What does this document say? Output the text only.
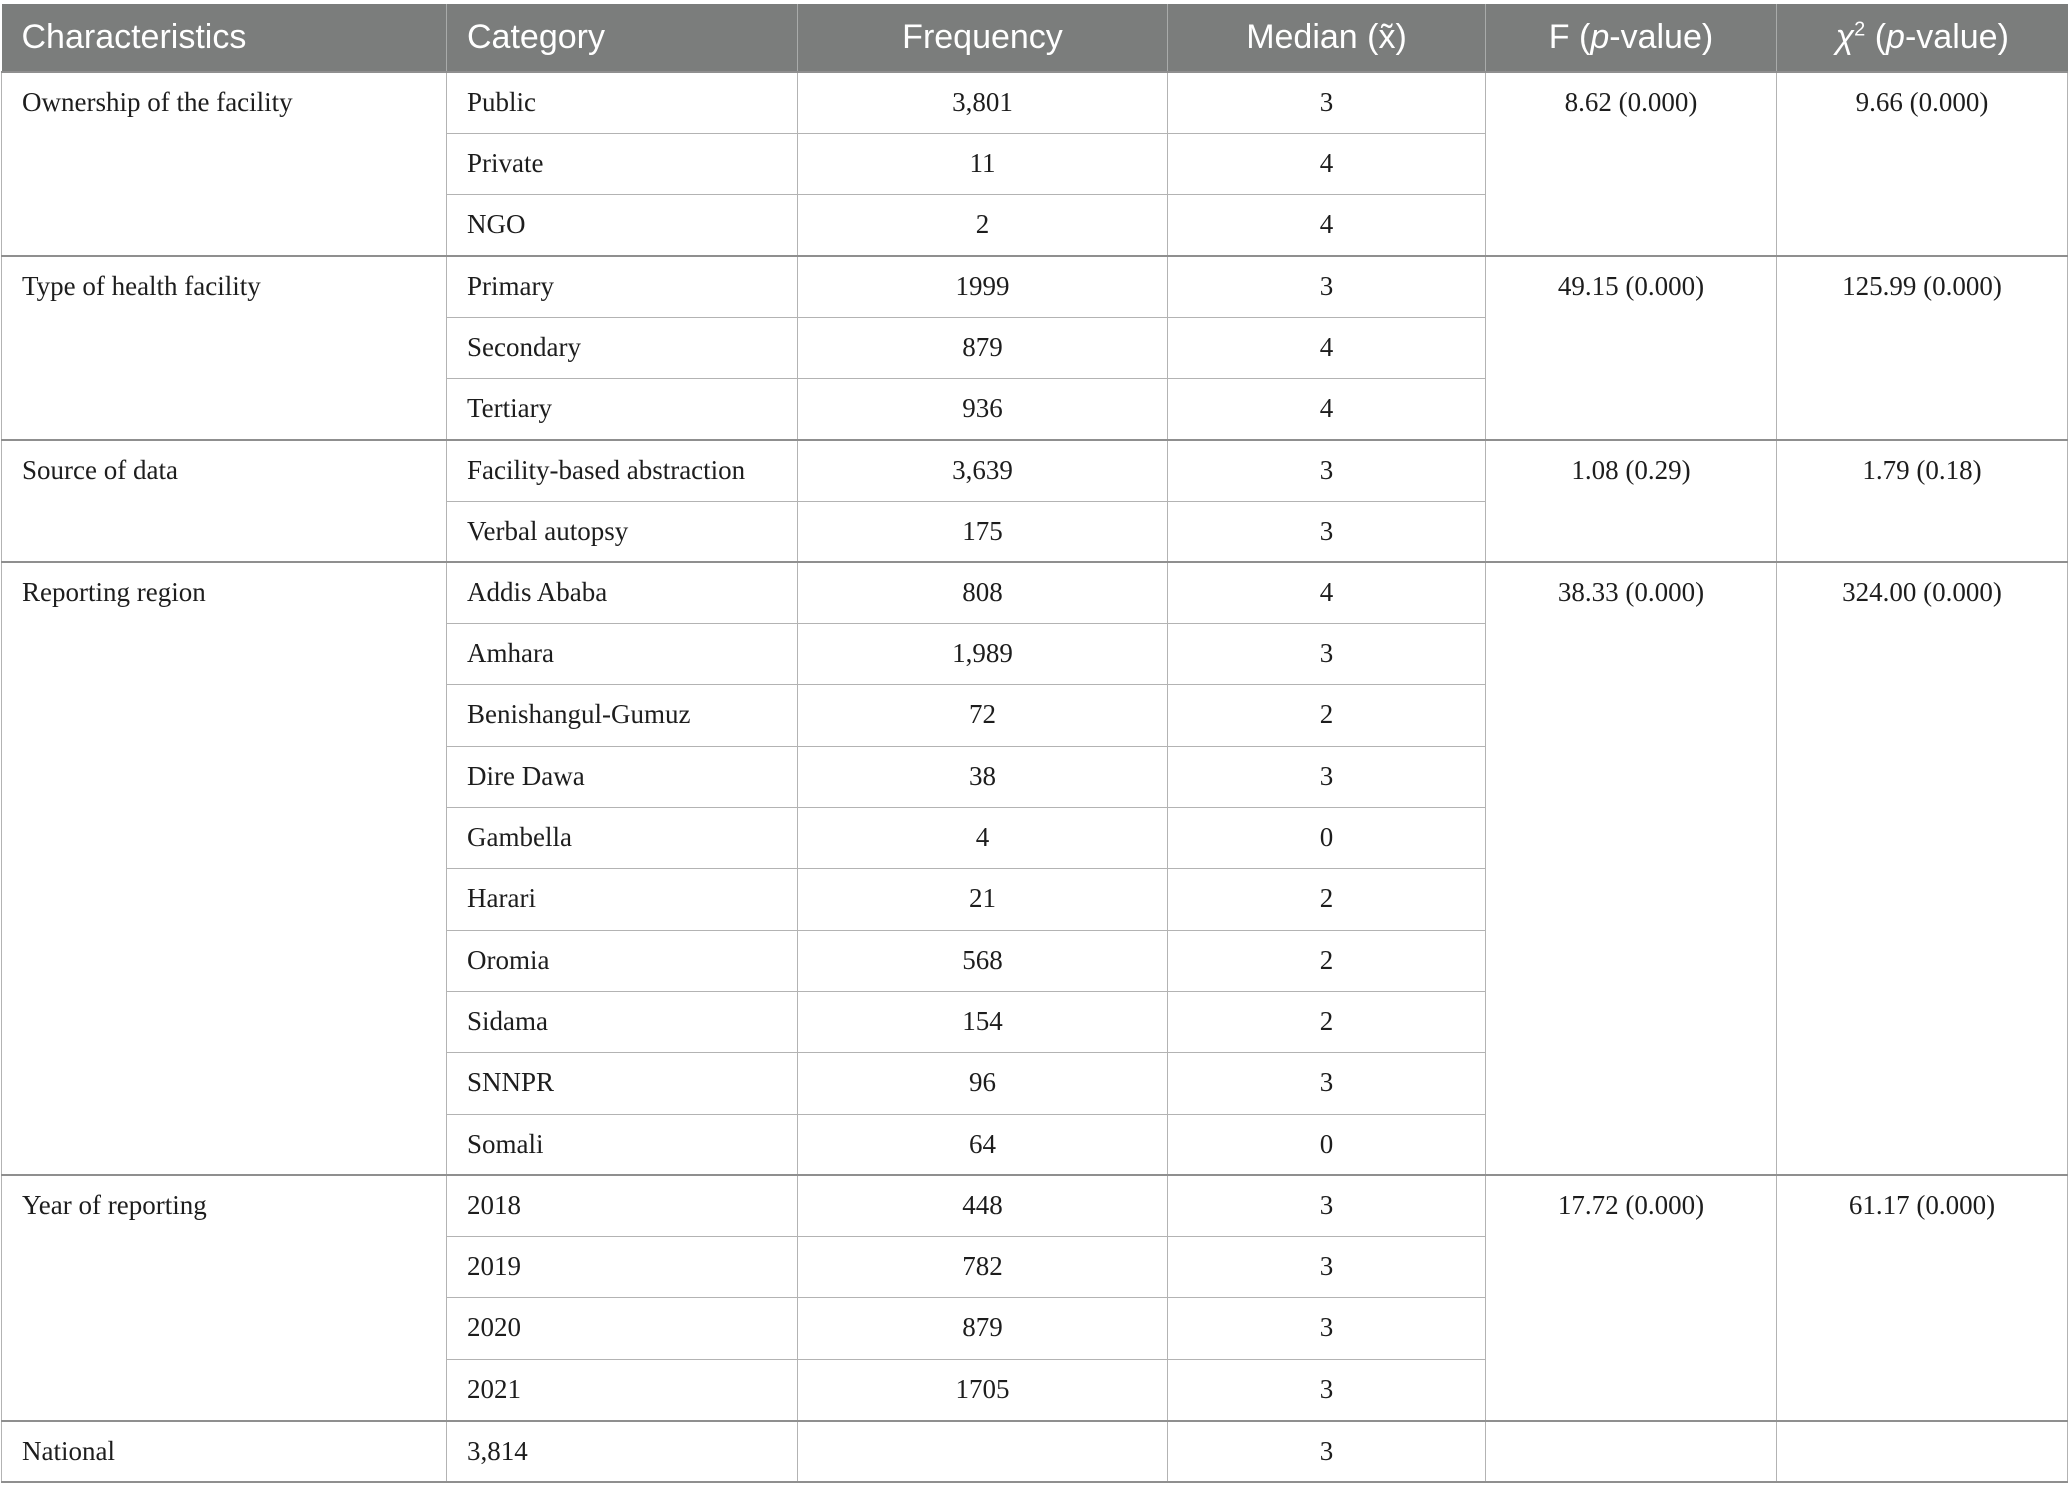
Characteristics	Category	Frequency	Median (x̃)	F (p-value)	$\chi^2$ (p-value)
Ownership of the facility	Public	3,801	3	8.62 (0.000)	9.66 (0.000)
	Private	11	4		
	NGO	2	4		
Type of health facility	Primary	1999	3	49.15 (0.000)	125.99 (0.000)
	Secondary	879	4		
	Tertiary	936	4		
Source of data	Facility-based abstraction	3,639	3	1.08 (0.29)	1.79 (0.18)
	Verbal autopsy	175	3		
Reporting region	Addis Ababa	808	4	38.33 (0.000)	324.00 (0.000)
	Amhara	1,989	3		
	Benishangul-Gumuz	72	2		
	Dire Dawa	38	3		
	Gambella	4	0		
	Harari	21	2		
	Oromia	568	2		
	Sidama	154	2		
	SNNPR	96	3		
	Somali	64	0		
Year of reporting	2018	448	3	17.72 (0.000)	61.17 (0.000)
	2019	782	3		
	2020	879	3		
	2021	1705	3		
National	3,814		3		
